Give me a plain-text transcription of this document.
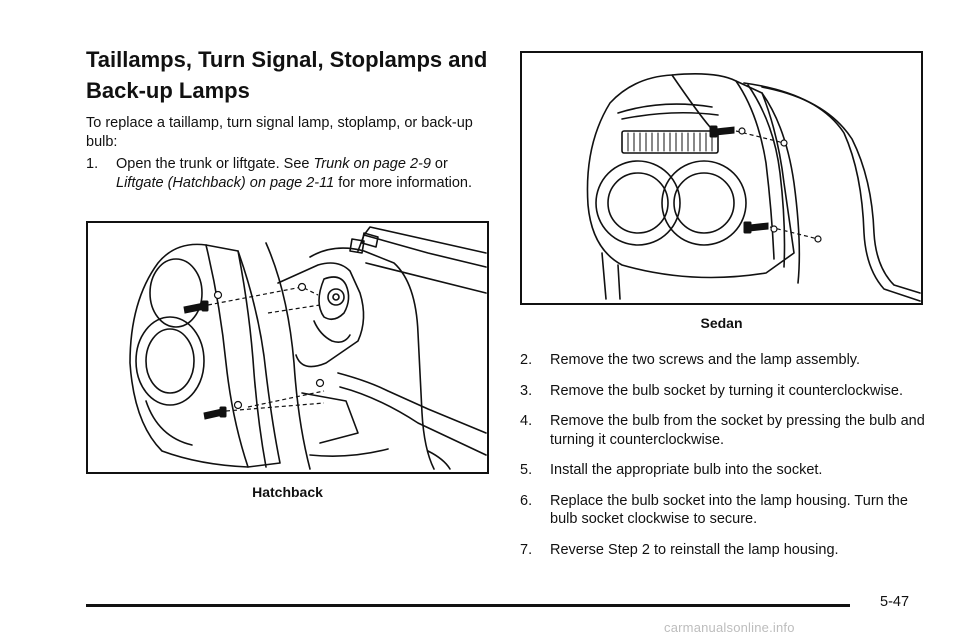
Taillamps, Turn Signal, Stoplamps and Back-up Lamps

To replace a taillamp, turn signal lamp, stoplamp, or back-up bulb:

1.	Open the trunk or liftgate. See Trunk on page 2-9 or Liftgate (Hatchback) on page 2-11 for more information.
Hatchback
Sedan
2.	Remove the two screws and the lamp assembly.
3.	Remove the bulb socket by turning it counterclockwise.
4.	Remove the bulb from the socket by pressing the bulb and turning it counterclockwise.
5.	Install the appropriate bulb into the socket.
6.	Replace the bulb socket into the lamp housing. Turn the bulb socket clockwise to secure.
7.	Reverse Step 2 to reinstall the lamp housing.
5-47
carmanualsonline.info
